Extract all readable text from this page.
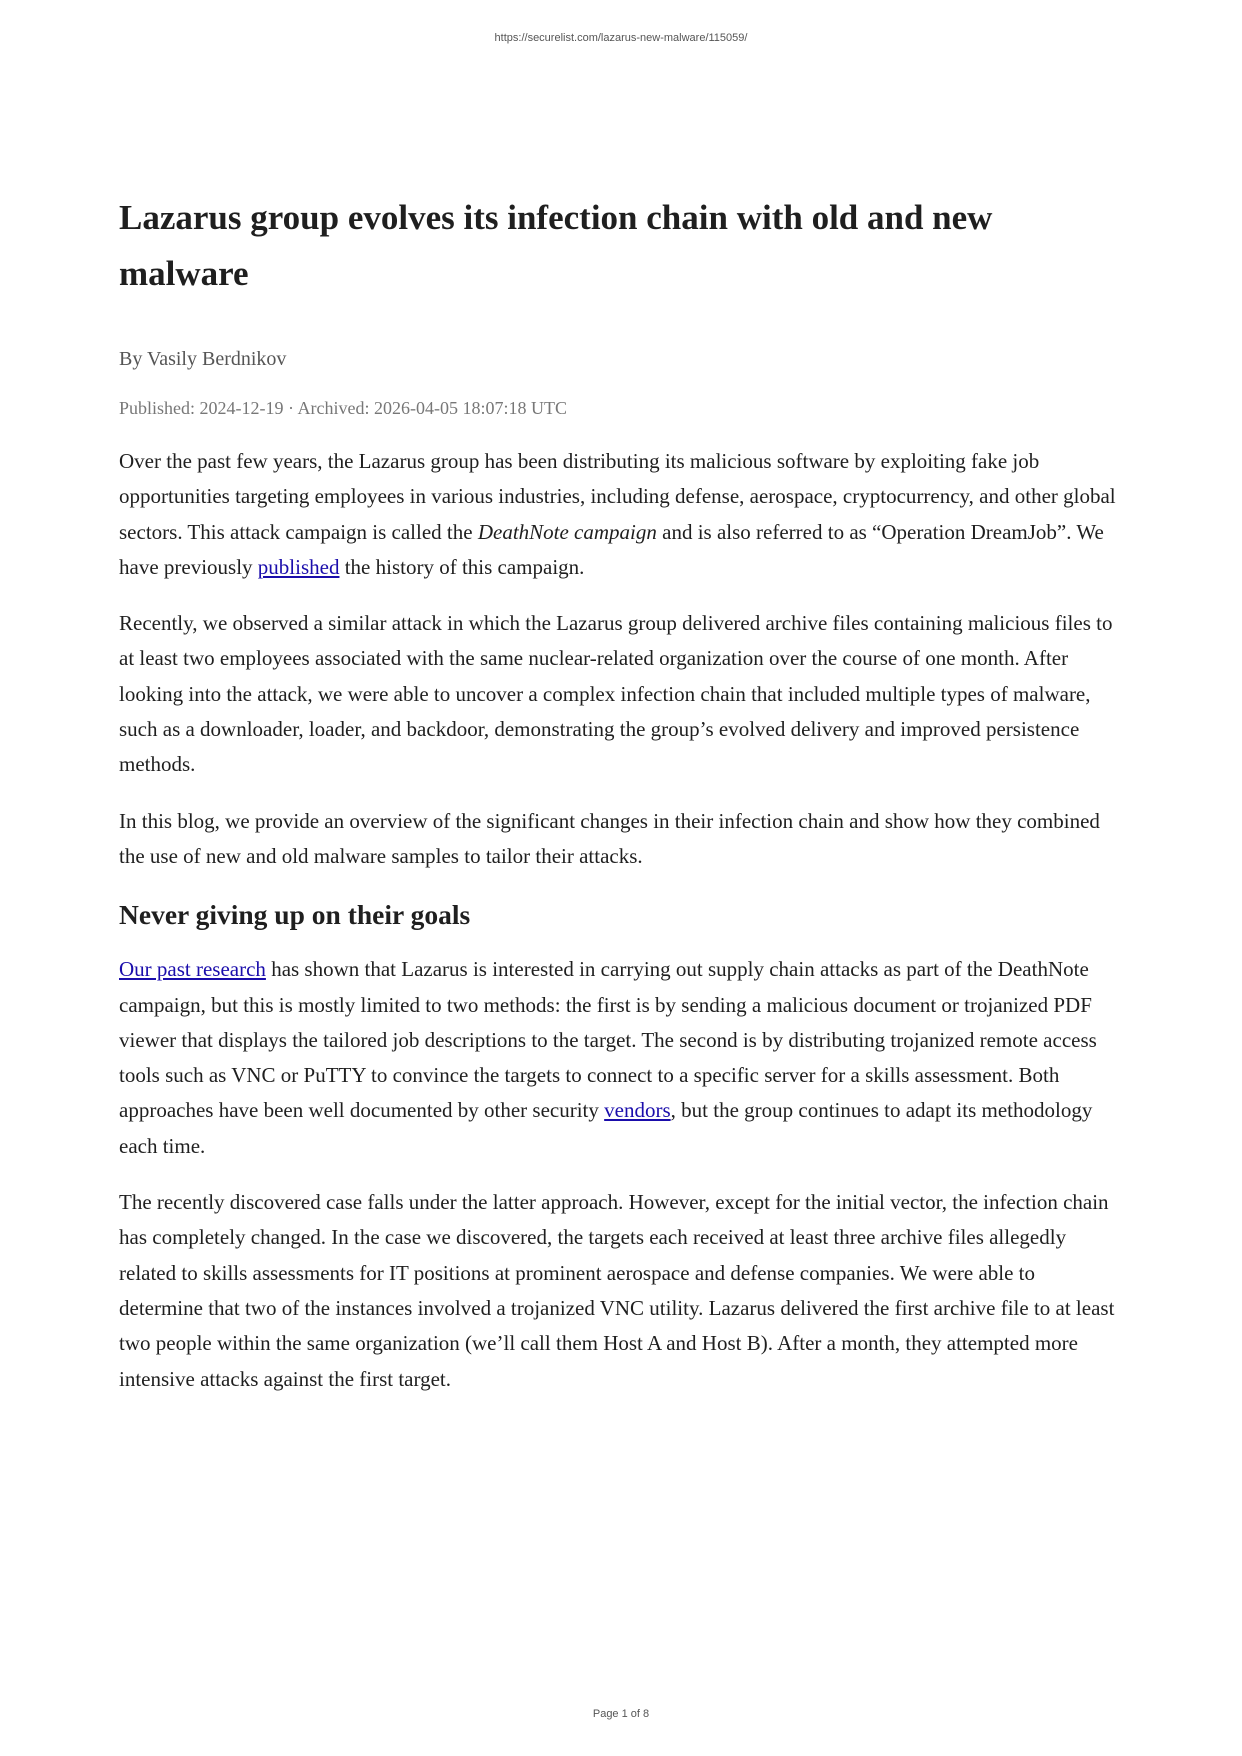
https://securelist.com/lazarus-new-malware/115059/
Lazarus group evolves its infection chain with old and new malware
By Vasily Berdnikov
Published: 2024-12-19 · Archived: 2026-04-05 18:07:18 UTC

Over the past few years, the Lazarus group has been distributing its malicious software by exploiting fake job opportunities targeting employees in various industries, including defense, aerospace, cryptocurrency, and other global sectors. This attack campaign is called the DeathNote campaign and is also referred to as “Operation DreamJob”. We have previously published the history of this campaign.

Recently, we observed a similar attack in which the Lazarus group delivered archive files containing malicious files to at least two employees associated with the same nuclear-related organization over the course of one month. After looking into the attack, we were able to uncover a complex infection chain that included multiple types of malware, such as a downloader, loader, and backdoor, demonstrating the group’s evolved delivery and improved persistence methods.

In this blog, we provide an overview of the significant changes in their infection chain and show how they combined the use of new and old malware samples to tailor their attacks.

Never giving up on their goals

Our past research has shown that Lazarus is interested in carrying out supply chain attacks as part of the DeathNote campaign, but this is mostly limited to two methods: the first is by sending a malicious document or trojanized PDF viewer that displays the tailored job descriptions to the target. The second is by distributing trojanized remote access tools such as VNC or PuTTY to convince the targets to connect to a specific server for a skills assessment. Both approaches have been well documented by other security vendors, but the group continues to adapt its methodology each time.

The recently discovered case falls under the latter approach. However, except for the initial vector, the infection chain has completely changed. In the case we discovered, the targets each received at least three archive files allegedly related to skills assessments for IT positions at prominent aerospace and defense companies. We were able to determine that two of the instances involved a trojanized VNC utility. Lazarus delivered the first archive file to at least two people within the same organization (we’ll call them Host A and Host B). After a month, they attempted more intensive attacks against the first target.

Page 1 of 8
